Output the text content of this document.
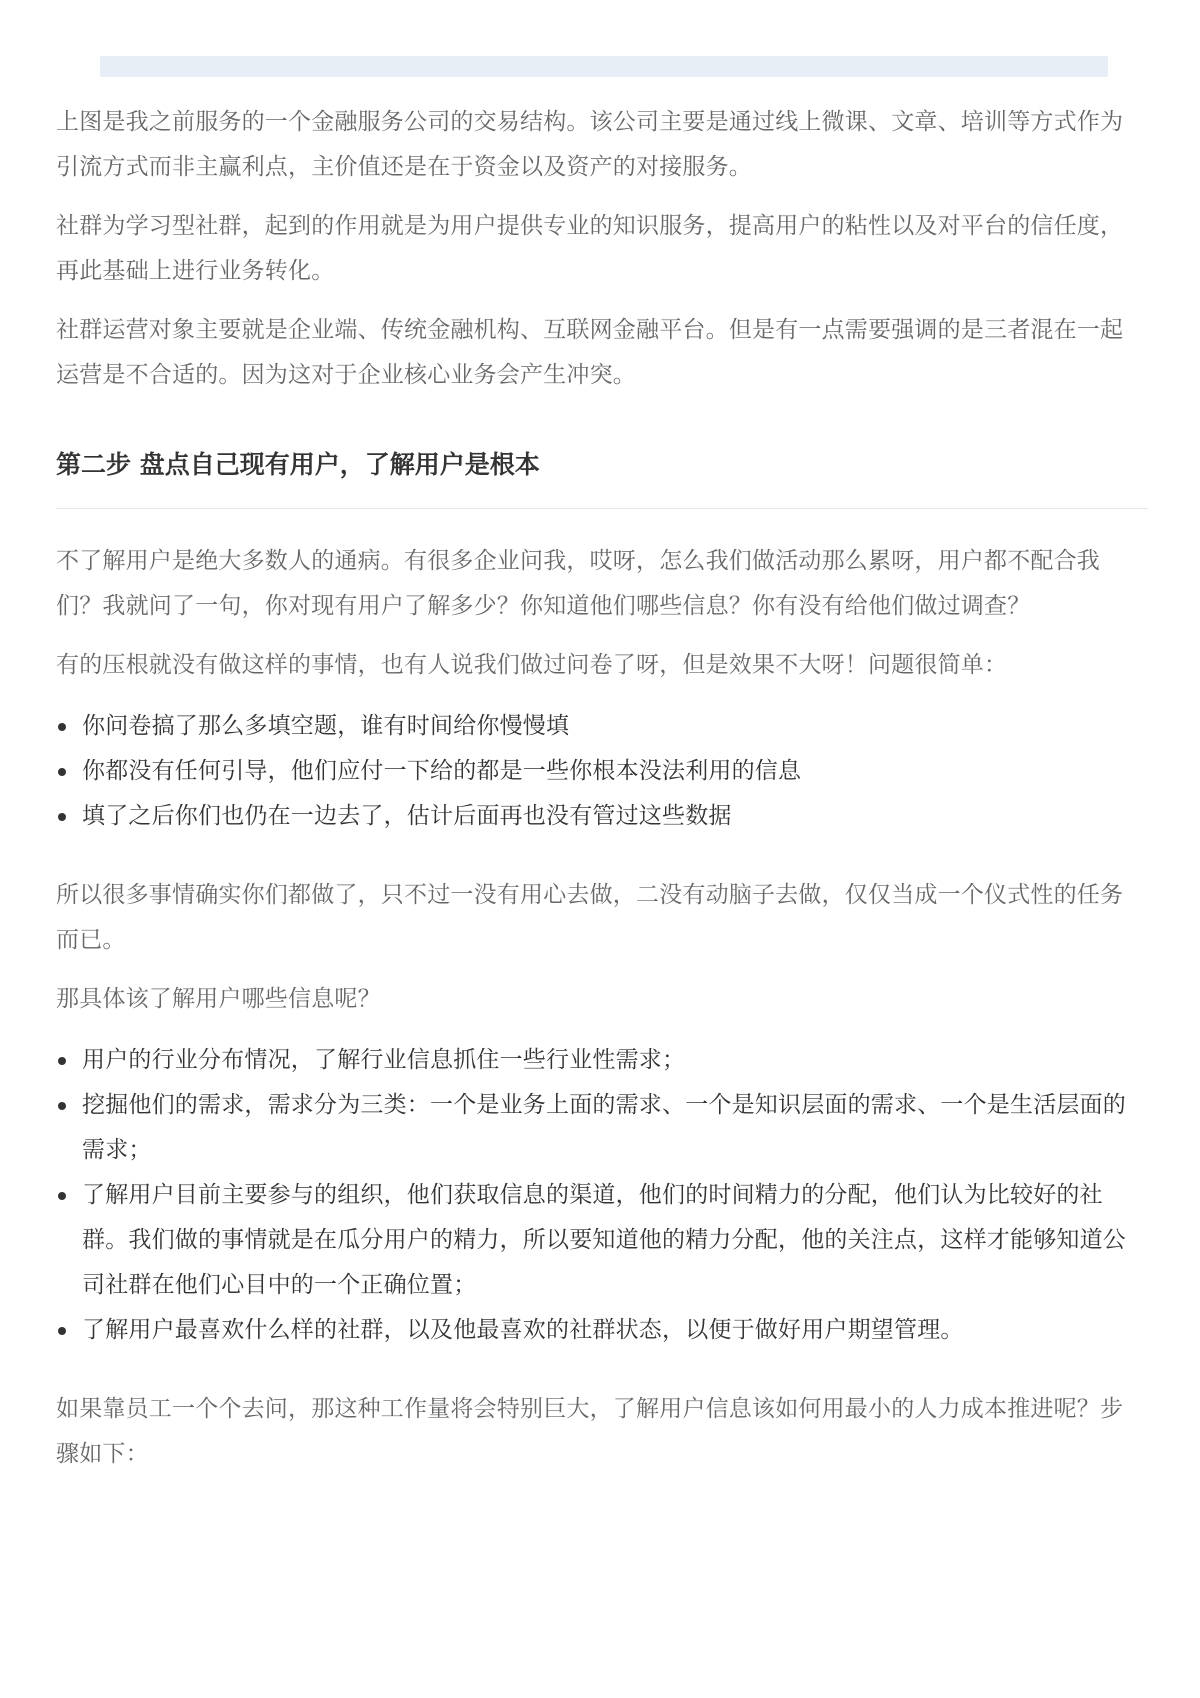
上图是我之前服务的一个金融服务公司的交易结构。该公司主要是通过线上微课、文章、培训等方式作为引流方式而非主赢利点，主价值还是在于资金以及资产的对接服务。

社群为学习型社群，起到的作用就是为用户提供专业的知识服务，提高用户的粘性以及对平台的信任度，再此基础上进行业务转化。

社群运营对象主要就是企业端、传统金融机构、互联网金融平台。但是有一点需要强调的是三者混在一起运营是不合适的。因为这对于企业核心业务会产生冲突。

第二步 盘点自己现有用户，了解用户是根本

不了解用户是绝大多数人的通病。有很多企业问我，哎呀，怎么我们做活动那么累呀，用户都不配合我们？我就问了一句，你对现有用户了解多少？你知道他们哪些信息？你有没有给他们做过调查？

有的压根就没有做这样的事情，也有人说我们做过问卷了呀，但是效果不大呀！问题很简单：

你问卷搞了那么多填空题，谁有时间给你慢慢填
你都没有任何引导，他们应付一下给的都是一些你根本没法利用的信息
填了之后你们也仍在一边去了，估计后面再也没有管过这些数据

所以很多事情确实你们都做了，只不过一没有用心去做，二没有动脑子去做，仅仅当成一个仪式性的任务而已。

那具体该了解用户哪些信息呢？

用户的行业分布情况，了解行业信息抓住一些行业性需求；
挖掘他们的需求，需求分为三类：一个是业务上面的需求、一个是知识层面的需求、一个是生活层面的需求；
了解用户目前主要参与的组织，他们获取信息的渠道，他们的时间精力的分配，他们认为比较好的社群。我们做的事情就是在瓜分用户的精力，所以要知道他的精力分配，他的关注点，这样才能够知道公司社群在他们心目中的一个正确位置；
了解用户最喜欢什么样的社群，以及他最喜欢的社群状态，以便于做好用户期望管理。

如果靠员工一个个去问，那这种工作量将会特别巨大，了解用户信息该如何用最小的人力成本推进呢？步骤如下：
